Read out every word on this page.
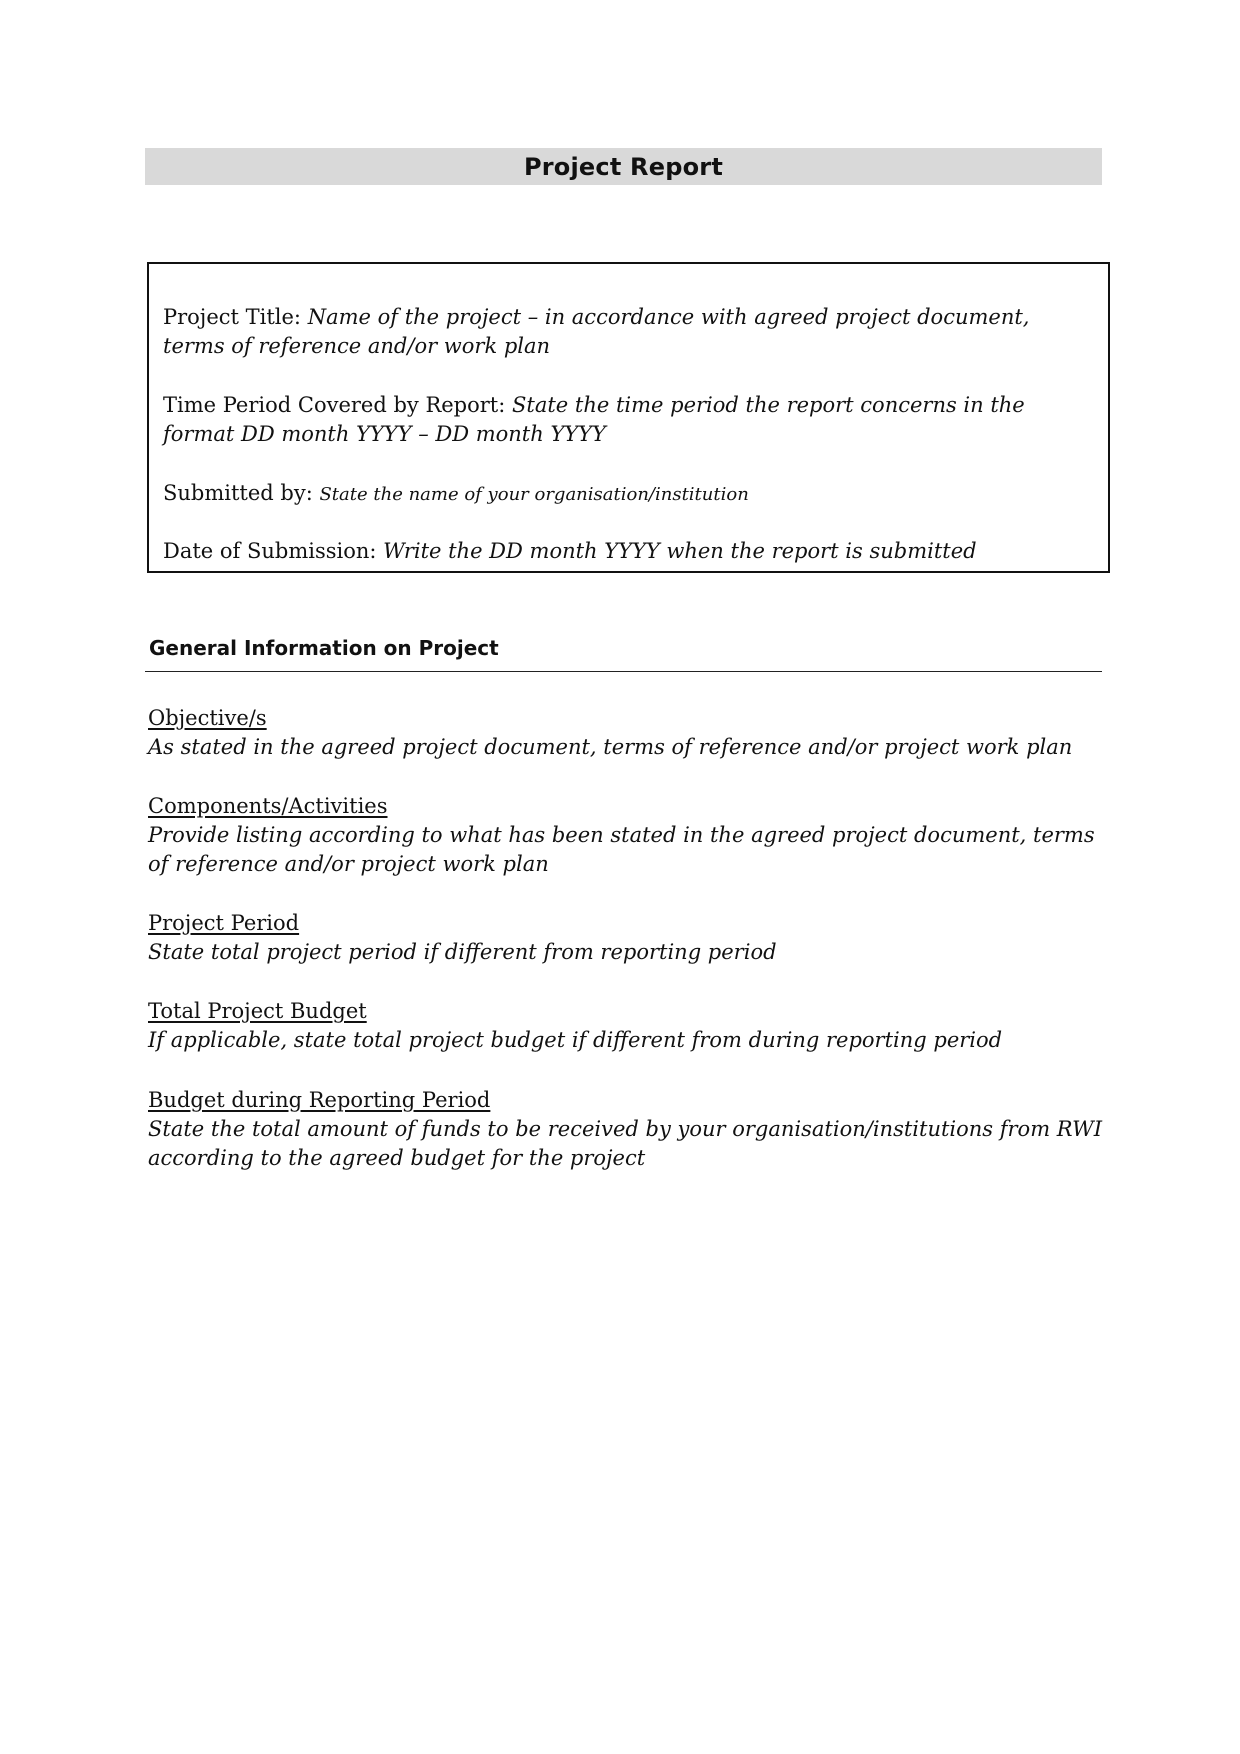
Project Report
Project Title: Name of the project – in accordance with agreed project document, terms of reference and/or work plan
Time Period Covered by Report: State the time period the report concerns in the format DD month YYYY – DD month YYYY
Submitted by: State the name of your organisation/institution
Date of Submission: Write the DD month YYYY when the report is submitted
General Information on Project
Objective/s
As stated in the agreed project document, terms of reference and/or project work plan
Components/Activities
Provide listing according to what has been stated in the agreed project document, terms of reference and/or project work plan
Project Period
State total project period if different from reporting period
Total Project Budget
If applicable, state total project budget if different from during reporting period
Budget during Reporting Period
State the total amount of funds to be received by your organisation/institutions from RWI according to the agreed budget for the project
